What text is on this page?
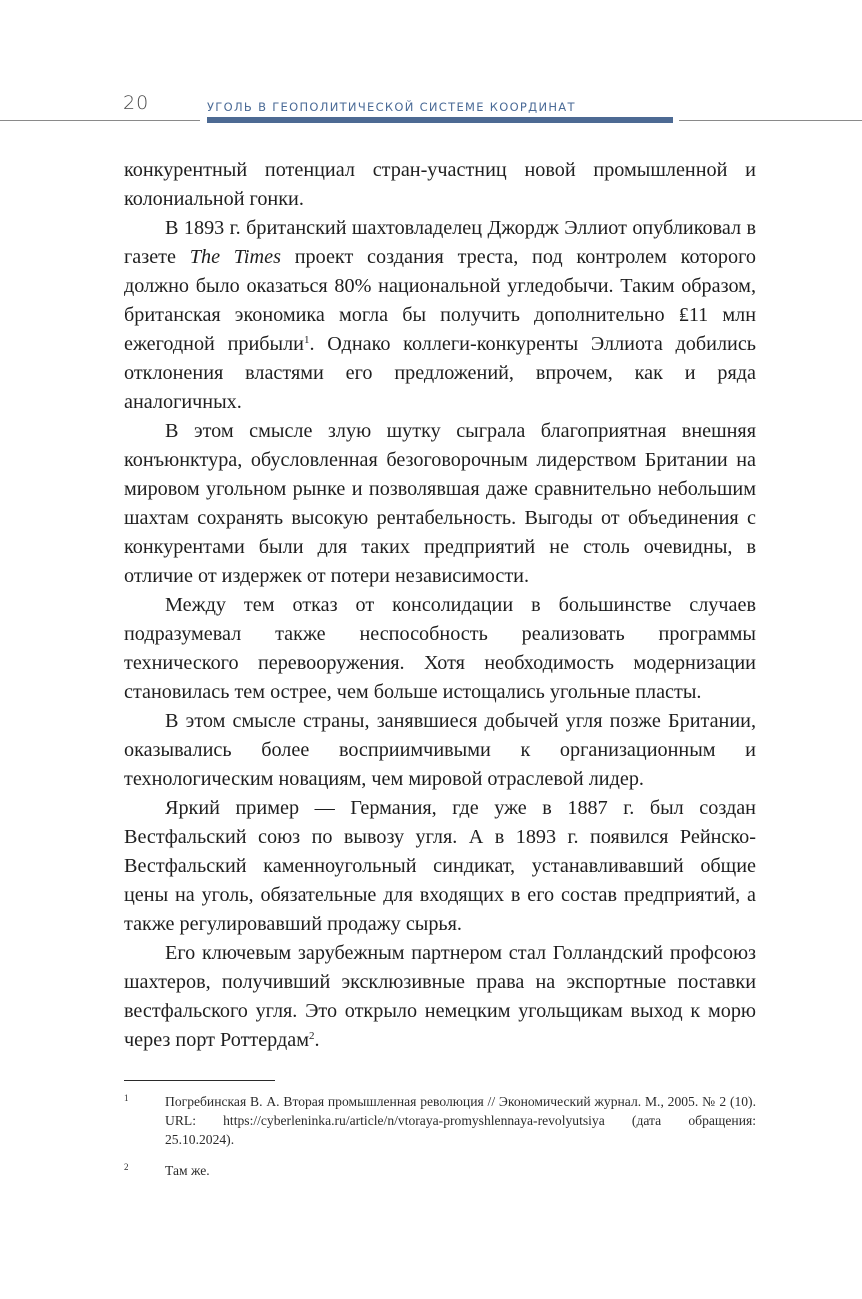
20	УГОЛЬ В ГЕОПОЛИТИЧЕСКОЙ СИСТЕМЕ КООРДИНАТ

конкурентный потенциал стран-участниц новой промышленной и колониальной гонки.

В 1893 г. британский шахтовладелец Джордж Эллиот опубликовал в газете The Times проект создания треста, под контролем которого должно было оказаться 80% национальной угледобычи. Таким образом, британская экономика могла бы получить дополнительно ₤11 млн ежегодной прибыли$^1$. Однако коллеги-конкуренты Эллиота добились отклонения властями его предложений, впрочем, как и ряда аналогичных.

В этом смысле злую шутку сыграла благоприятная внешняя конъюнктура, обусловленная безоговорочным лидерством Британии на мировом угольном рынке и позволявшая даже сравнительно небольшим шахтам сохранять высокую рентабельность. Выгоды от объединения с конкурентами были для таких предприятий не столь очевидны, в отличие от издержек от потери независимости.

Между тем отказ от консолидации в большинстве случаев подразумевал также неспособность реализовать программы технического перевооружения. Хотя необходимость модернизации становилась тем острее, чем больше истощались угольные пласты.

В этом смысле страны, занявшиеся добычей угля позже Британии, оказывались более восприимчивыми к организационным и технологическим новациям, чем мировой отраслевой лидер.

Яркий пример — Германия, где уже в 1887 г. был создан Вестфальский союз по вывозу угля. А в 1893 г. появился Рейнско-Вестфальский каменноугольный синдикат, устанавливавший общие цены на уголь, обязательные для входящих в его состав предприятий, а также регулировавший продажу сырья.

Его ключевым зарубежным партнером стал Голландский профсоюз шахтеров, получивший эксклюзивные права на экспортные поставки вестфальского угля. Это открыло немецким угольщикам выход к морю через порт Роттердам$^2$.

1	Погребинская В. А. Вторая промышленная революция // Экономический журнал. М., 2005. № 2 (10). URL: https://cyberleninka.ru/article/n/vtoraya-promyshlennaya-revolyutsiya (дата обращения: 25.10.2024).
2	Там же.
